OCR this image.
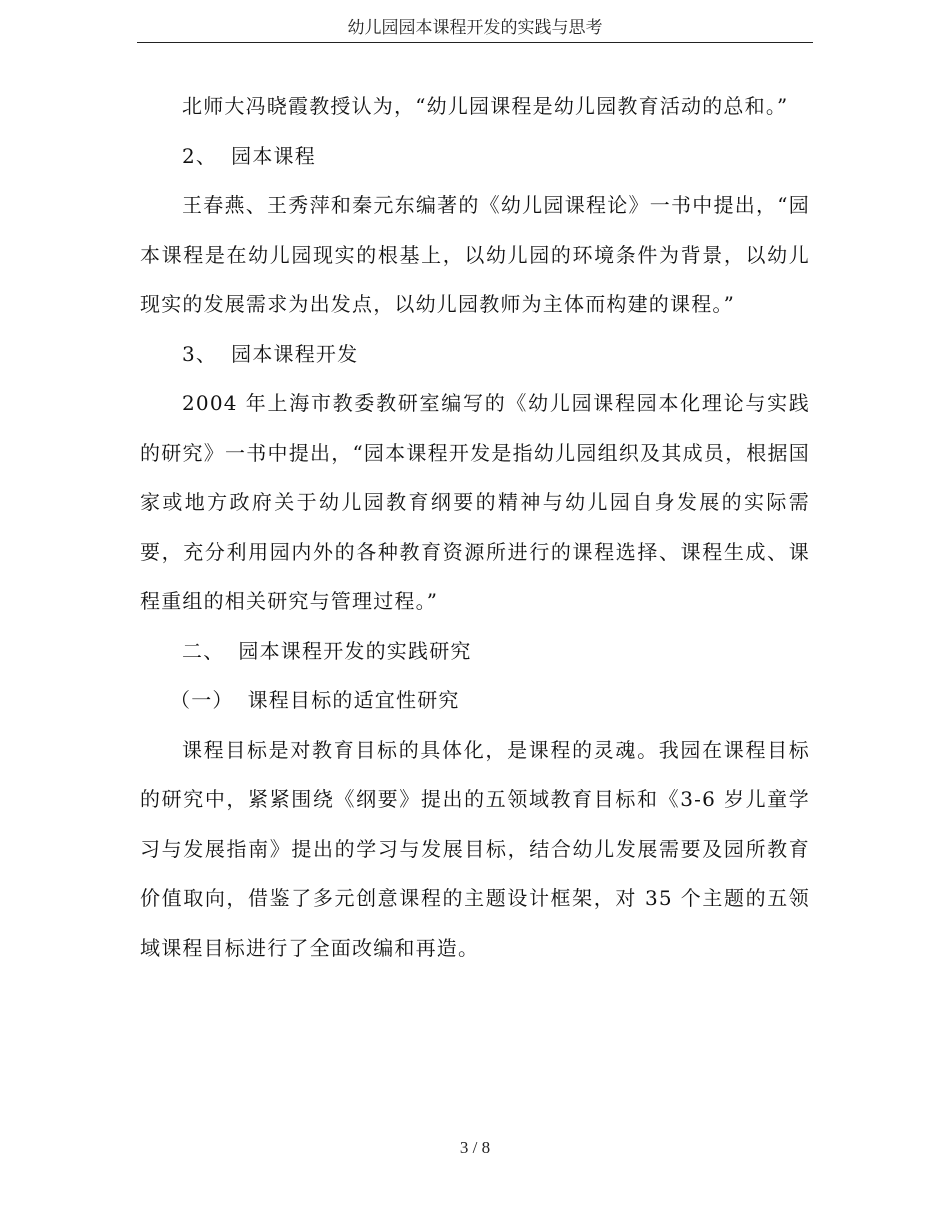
幼儿园园本课程开发的实践与思考

北师大冯晓霞教授认为，“幼儿园课程是幼儿园教育活动的总和。”

2、 园本课程

王春燕、王秀萍和秦元东编著的《幼儿园课程论》一书中提出，“园本课程是在幼儿园现实的根基上，以幼儿园的环境条件为背景，以幼儿现实的发展需求为出发点，以幼儿园教师为主体而构建的课程。”

3、 园本课程开发

2004 年上海市教委教研室编写的《幼儿园课程园本化理论与实践的研究》一书中提出，“园本课程开发是指幼儿园组织及其成员，根据国家或地方政府关于幼儿园教育纲要的精神与幼儿园自身发展的实际需要，充分利用园内外的各种教育资源所进行的课程选择、课程生成、课程重组的相关研究与管理过程。”

二、 园本课程开发的实践研究

（一） 课程目标的适宜性研究

课程目标是对教育目标的具体化，是课程的灵魂。我园在课程目标的研究中，紧紧围绕《纲要》提出的五领域教育目标和《3-6 岁儿童学习与发展指南》提出的学习与发展目标，结合幼儿发展需要及园所教育价值取向，借鉴了多元创意课程的主题设计框架，对 35 个主题的五领域课程目标进行了全面改编和再造。

3 / 8
